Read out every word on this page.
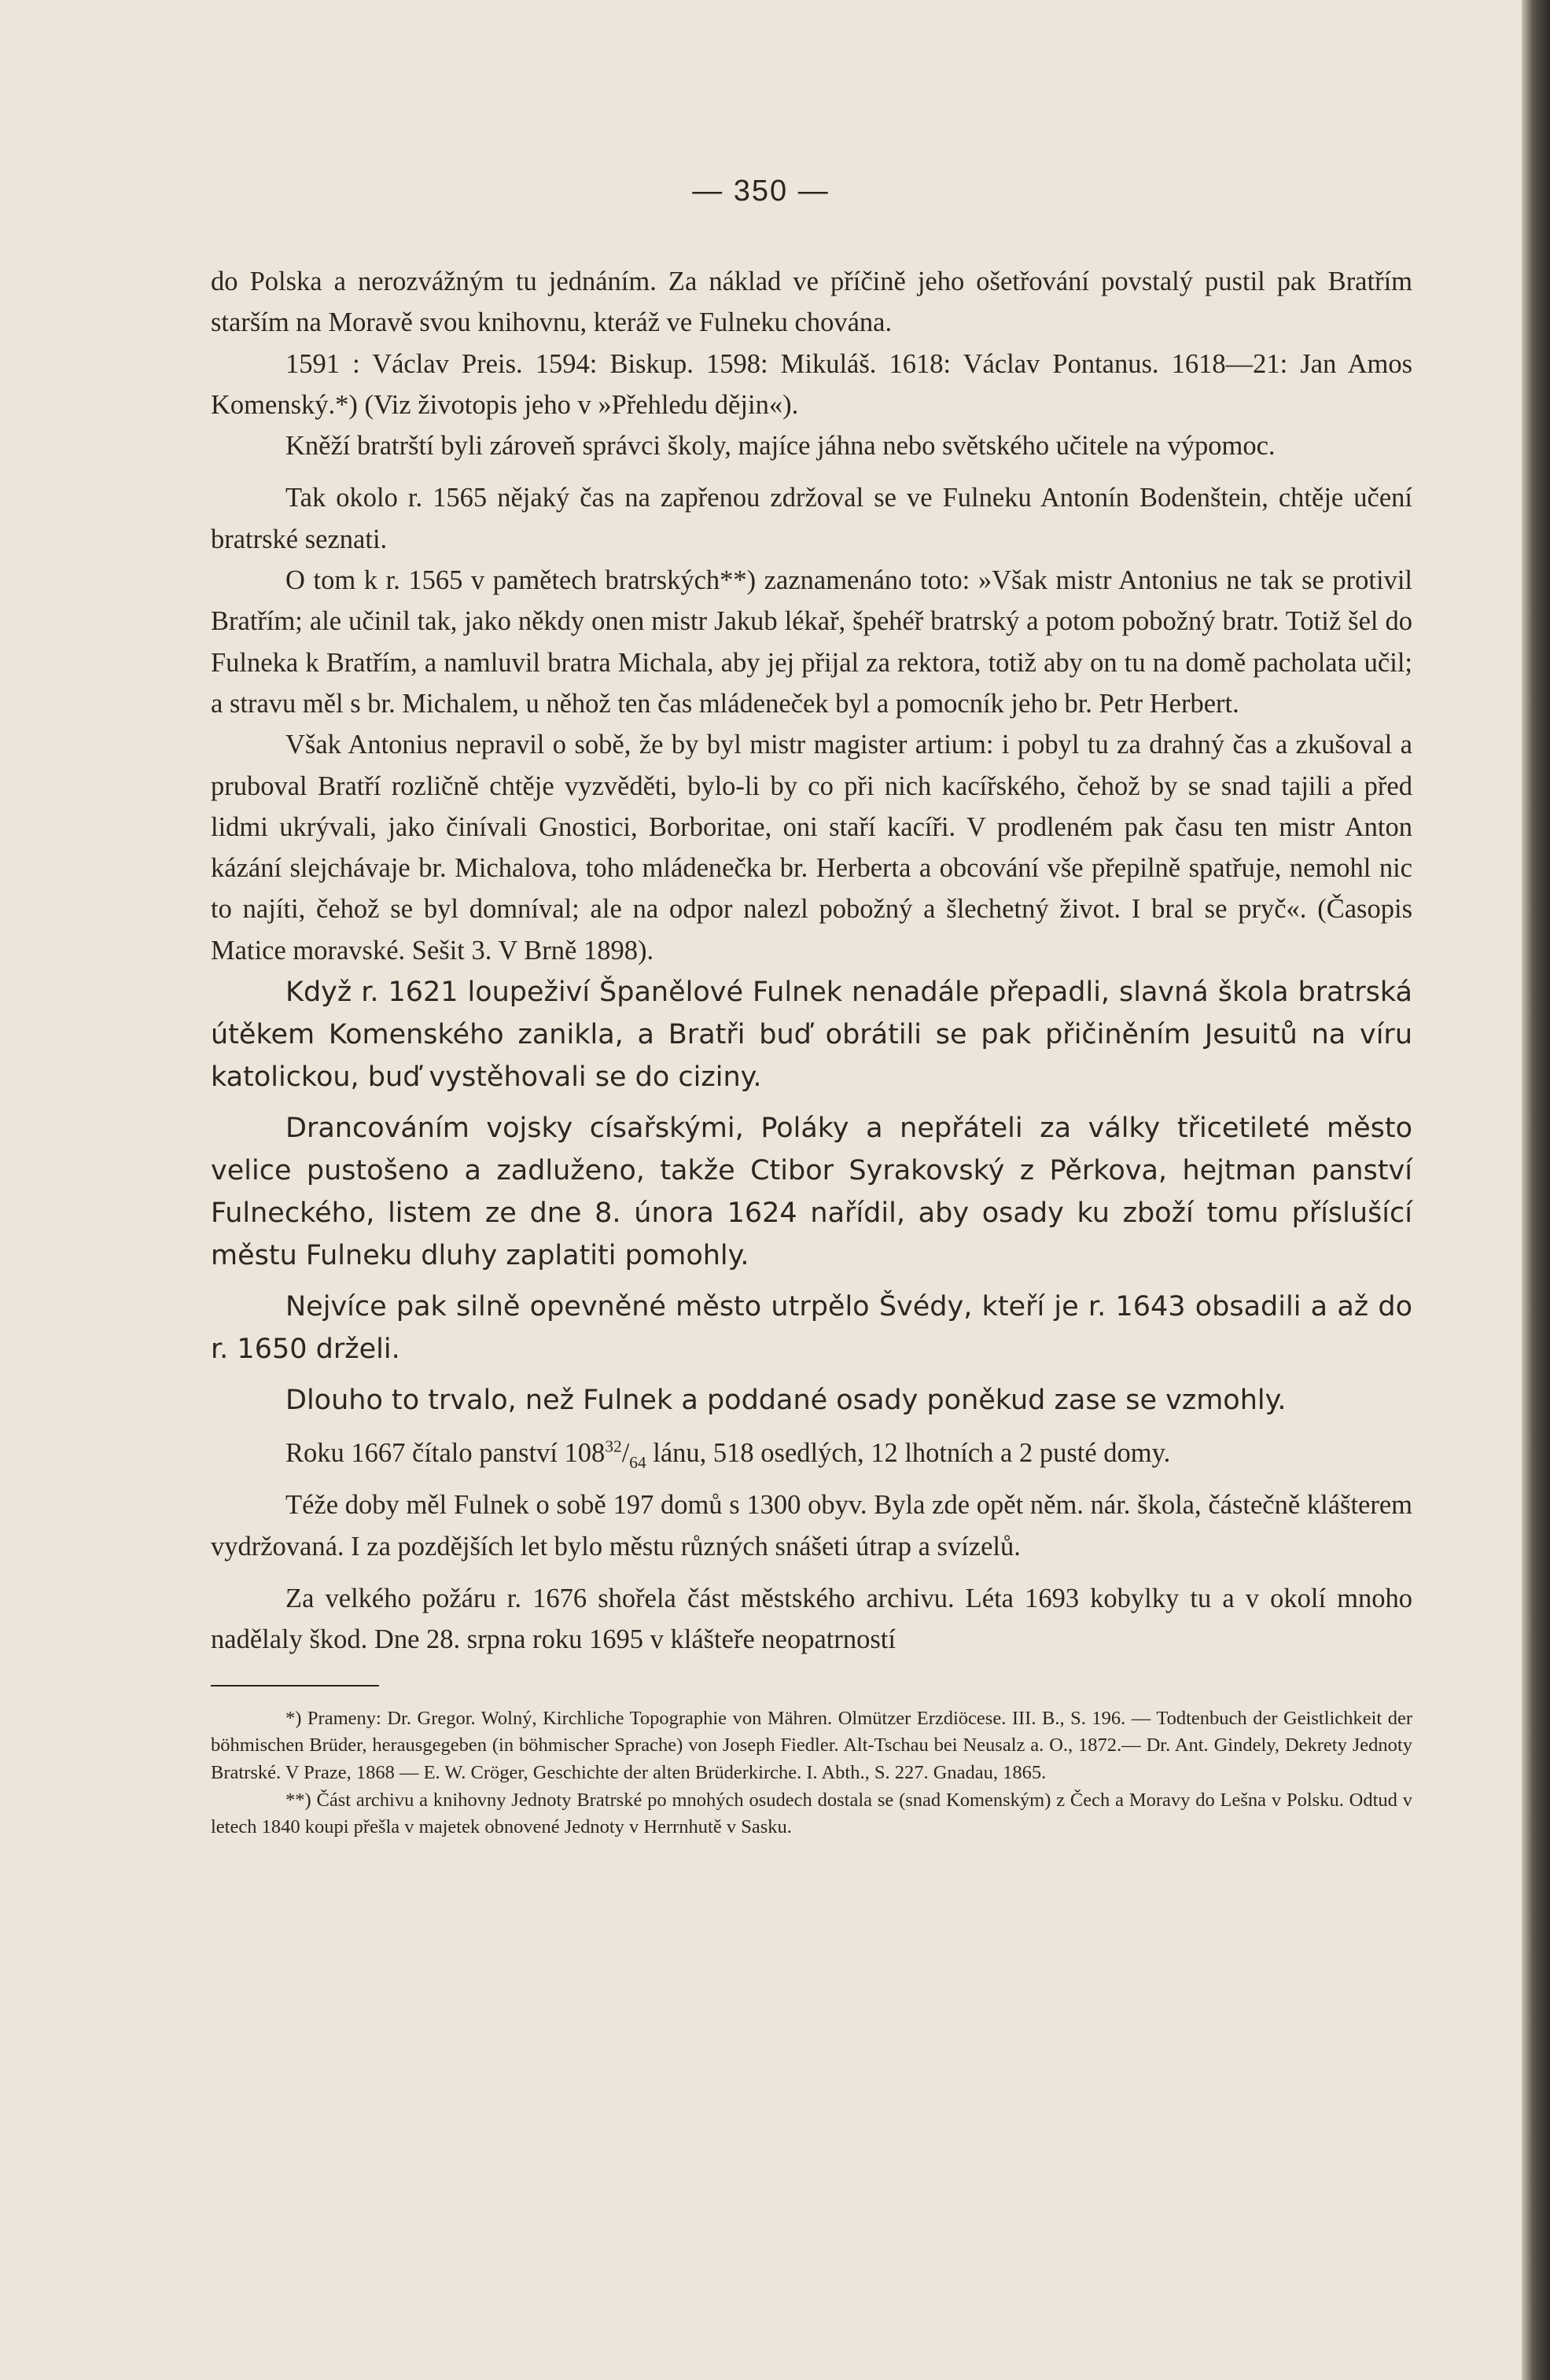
— 350 —

do Polska a nerozvážným tu jednáním. Za náklad ve příčině jeho ošetřování povstalý pustil pak Bratřím starším na Moravě svou knihovnu, kteráž ve Fulneku chována.

1591 : Václav Preis. 1594: Biskup. 1598: Mikuláš. 1618: Václav Pontanus. 1618—21: Jan Amos Komenský.*) (Viz životopis jeho v »Přehledu dějin«).

Kněží bratrští byli zároveň správci školy, majíce jáhna nebo světského učitele na výpomoc.

Tak okolo r. 1565 nějaký čas na zapřenou zdržoval se ve Fulneku Antonín Bodenštein, chtěje učení bratrské seznati.

O tom k r. 1565 v pamětech bratrských**) zaznamenáno toto: »Však mistr Antonius ne tak se protivil Bratřím; ale učinil tak, jako někdy onen mistr Jakub lékař, špehéř bratrský a potom pobožný bratr. Totiž šel do Fulneka k Bratřím, a namluvil bratra Michala, aby jej přijal za rektora, totiž aby on tu na domě pacholata učil; a stravu měl s br. Michalem, u něhož ten čas mládeneček byl a pomocník jeho br. Petr Herbert.

Však Antonius nepravil o sobě, že by byl mistr magister artium: i pobyl tu za drahný čas a zkušoval a pruboval Bratří rozličně chtěje vyzvěděti, bylo-li by co při nich kacířského, čehož by se snad tajili a před lidmi ukrývali, jako činívali Gnostici, Borboritae, oni staří kacíři. V prodleném pak času ten mistr Anton kázání slejchávaje br. Michalova, toho mládenečka br. Herberta a obcování vše přepilně spatřuje, nemohl nic to najíti, čehož se byl domníval; ale na odpor nalezl pobožný a šlechetný život. I bral se pryč«. (Časopis Matice moravské. Sešit 3. V Brně 1898).

Když r. 1621 loupeživí Španělové Fulnek nenadále přepadli, slavná škola bratrská útěkem Komenského zanikla, a Bratři buď obrátili se pak přičiněním Jesuitů na víru katolickou, buď vystěhovali se do ciziny.

Drancováním vojsky císařskými, Poláky a nepřáteli za války třicetileté město velice pustošeno a zadluženo, takže Ctibor Syrakovský z Pěrkova, hejtman panství Fulneckého, listem ze dne 8. února 1624 nařídil, aby osady ku zboží tomu příslušící městu Fulneku dluhy zaplatiti pomohly.

Nejvíce pak silně opevněné město utrpělo Švédy, kteří je r. 1643 obsadili a až do r. 1650 drželi.

Dlouho to trvalo, než Fulnek a poddané osady poněkud zase se vzmohly.

Roku 1667 čítalo panství $108^{32}/_{64}$ lánu, 518 osedlých, 12 lhotních a 2 pusté domy.

Téže doby měl Fulnek o sobě 197 domů s 1300 obyv. Byla zde opět něm. nár. škola, částečně klášterem vydržovaná. I za pozdějších let bylo městu různých snášeti útrap a svízelů.

Za velkého požáru r. 1676 shořela část městského archivu. Léta 1693 kobylky tu a v okolí mnoho nadělaly škod. Dne 28. srpna roku 1695 v klášteře neopatrností

*) Prameny: Dr. Gregor. Wolný, Kirchliche Topographie von Mähren. Olmützer Erzdiöcese. III. B., S. 196. — Todtenbuch der Geistlichkeit der böhmischen Brüder, herausgegeben (in böhmischer Sprache) von Joseph Fiedler. Alt-Tschau bei Neusalz a. O., 1872.— Dr. Ant. Gindely, Dekrety Jednoty Bratrské. V Praze, 1868 — E. W. Cröger, Geschichte der alten Brüderkirche. I. Abth., S. 227. Gnadau, 1865.

**) Část archivu a knihovny Jednoty Bratrské po mnohých osudech dostala se (snad Komenským) z Čech a Moravy do Lešna v Polsku. Odtud v letech 1840 koupi přešla v majetek obnovené Jednoty v Herrnhutě v Sasku.
